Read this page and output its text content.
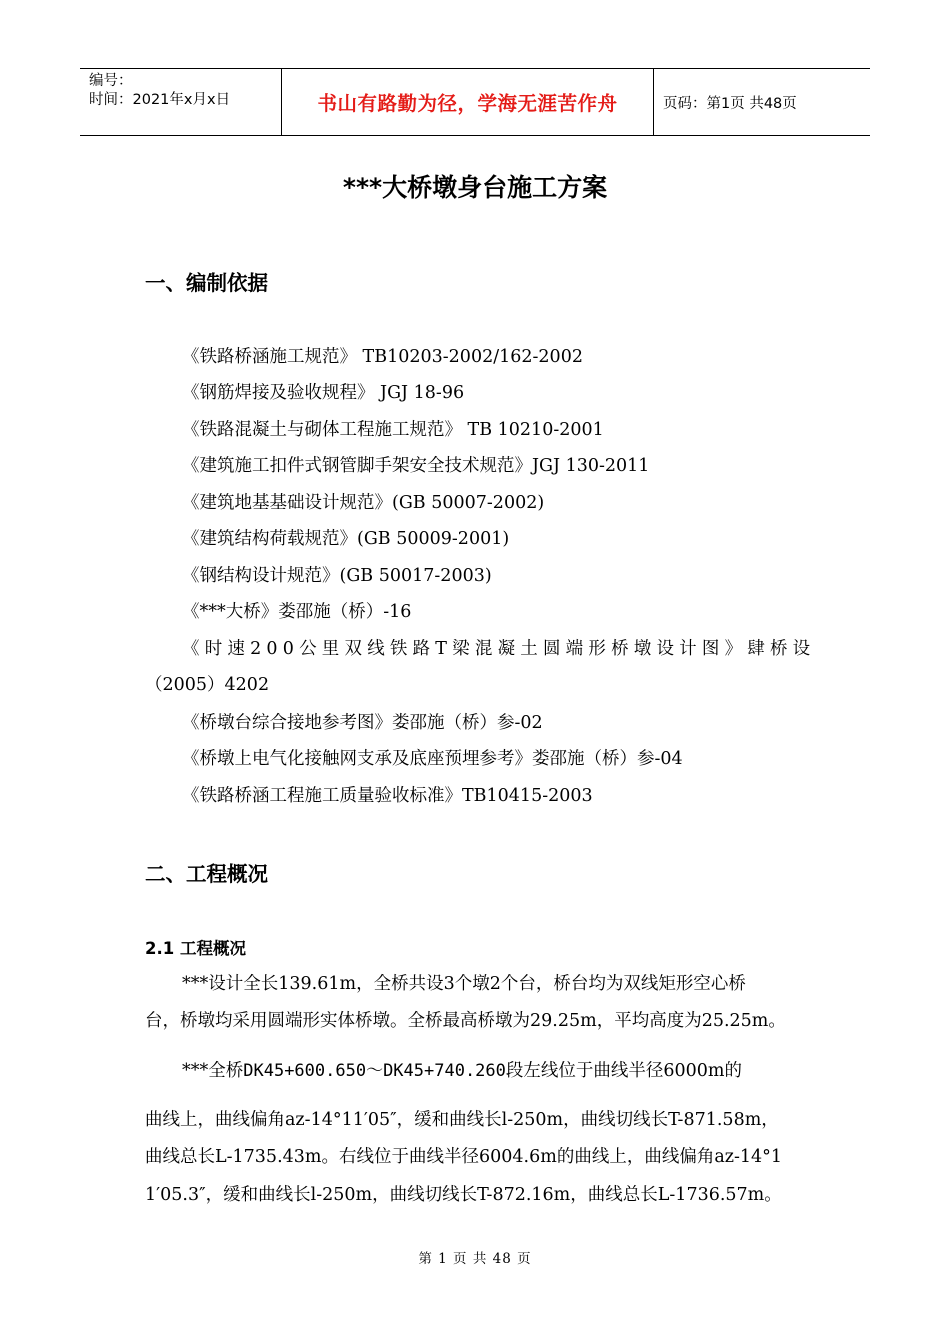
编号：
时间：2021年x月x日	书山有路勤为径，学海无涯苦作舟	页码：第1页 共48页
***大桥墩身台施工方案
一、编制依据
《铁路桥涵施工规范》 TB10203-2002/162-2002
《钢筋焊接及验收规程》 JGJ 18-96
《铁路混凝土与砌体工程施工规范》 TB 10210-2001
《建筑施工扣件式钢管脚手架安全技术规范》JGJ 130-2011
《建筑地基基础设计规范》(GB 50007-2002)
《建筑结构荷载规范》(GB 50009-2001)
《钢结构设计规范》(GB 50017-2003)
《***大桥》娄邵施（桥）-16
《时速200公里双线铁路T梁混凝土圆端形桥墩设计图》肆桥设
（2005）4202
《桥墩台综合接地参考图》娄邵施（桥）参-02
《桥墩上电气化接触网支承及底座预埋参考》娄邵施（桥）参-04
《铁路桥涵工程施工质量验收标准》TB10415-2003
二、工程概况
2.1 工程概况
***设计全长139.61m，全桥共设3个墩2个台，桥台均为双线矩形空心桥
台，桥墩均采用圆端形实体桥墩。全桥最高桥墩为29.25m，平均高度为25.25m。
***全桥DK45+600.650～DK45+740.260段左线位于曲线半径6000m的
曲线上，曲线偏角az-14°11′05″，缓和曲线长l-250m，曲线切线长T-871.58m，
曲线总长L-1735.43m。右线位于曲线半径6004.6m的曲线上，曲线偏角az-14°1
1′05.3″，缓和曲线长l-250m，曲线切线长T-872.16m，曲线总长L-1736.57m。
第 1 页 共 48 页
